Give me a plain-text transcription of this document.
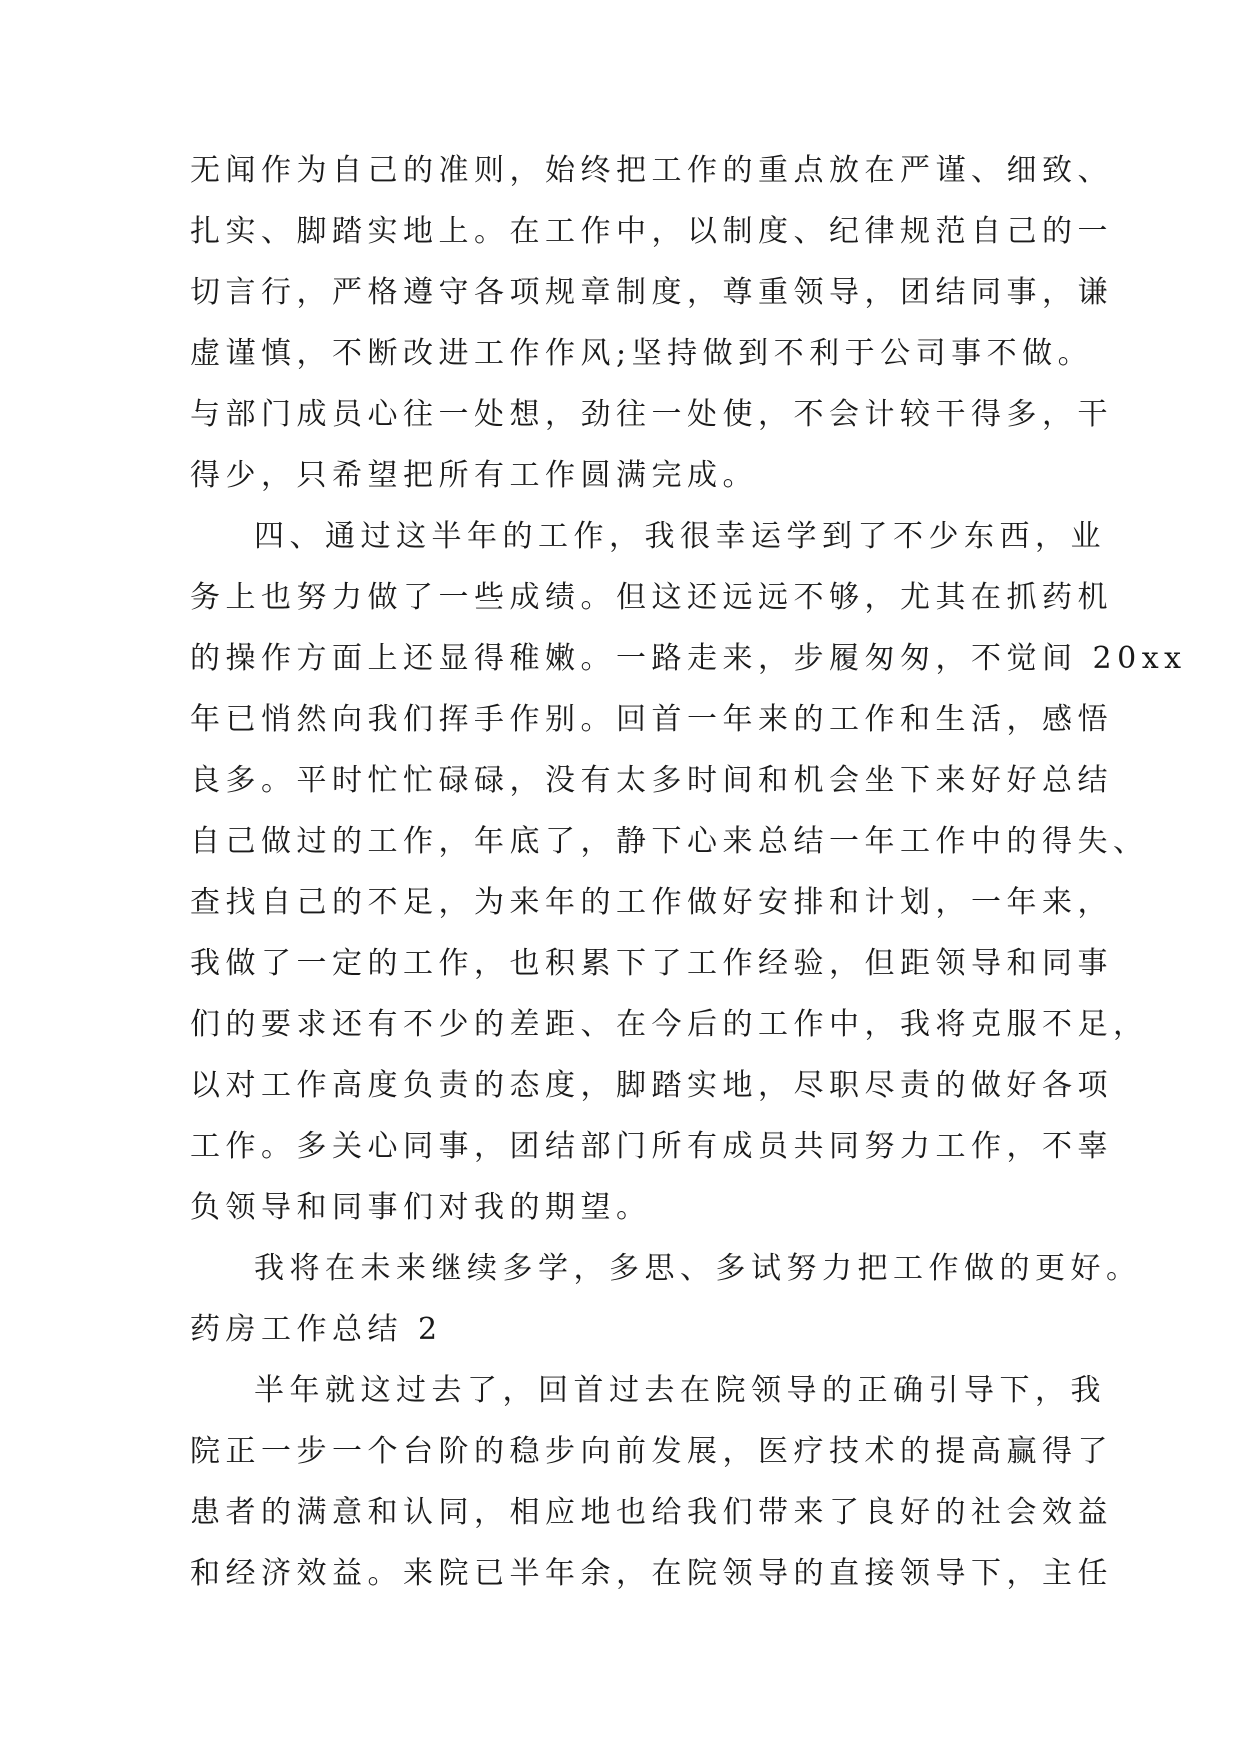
无闻作为自己的准则，始终把工作的重点放在严谨、细致、
扎实、脚踏实地上。在工作中，以制度、纪律规范自己的一
切言行，严格遵守各项规章制度，尊重领导，团结同事，谦
虚谨慎，不断改进工作作风;坚持做到不利于公司事不做。
与部门成员心往一处想，劲往一处使，不会计较干得多，干
得少，只希望把所有工作圆满完成。
四、通过这半年的工作，我很幸运学到了不少东西，业
务上也努力做了一些成绩。但这还远远不够，尤其在抓药机
的操作方面上还显得稚嫩。一路走来，步履匆匆，不觉间 20xx
年已悄然向我们挥手作别。回首一年来的工作和生活，感悟
良多。平时忙忙碌碌，没有太多时间和机会坐下来好好总结
自己做过的工作，年底了，静下心来总结一年工作中的得失、
查找自己的不足，为来年的工作做好安排和计划，一年来，
我做了一定的工作，也积累下了工作经验，但距领导和同事
们的要求还有不少的差距、在今后的工作中，我将克服不足，
以对工作高度负责的态度，脚踏实地，尽职尽责的做好各项
工作。多关心同事，团结部门所有成员共同努力工作，不辜
负领导和同事们对我的期望。
我将在未来继续多学，多思、多试努力把工作做的更好。
药房工作总结 2
半年就这过去了，回首过去在院领导的正确引导下，我
院正一步一个台阶的稳步向前发展，医疗技术的提高赢得了
患者的满意和认同，相应地也给我们带来了良好的社会效益
和经济效益。来院已半年余，在院领导的直接领导下，主任
